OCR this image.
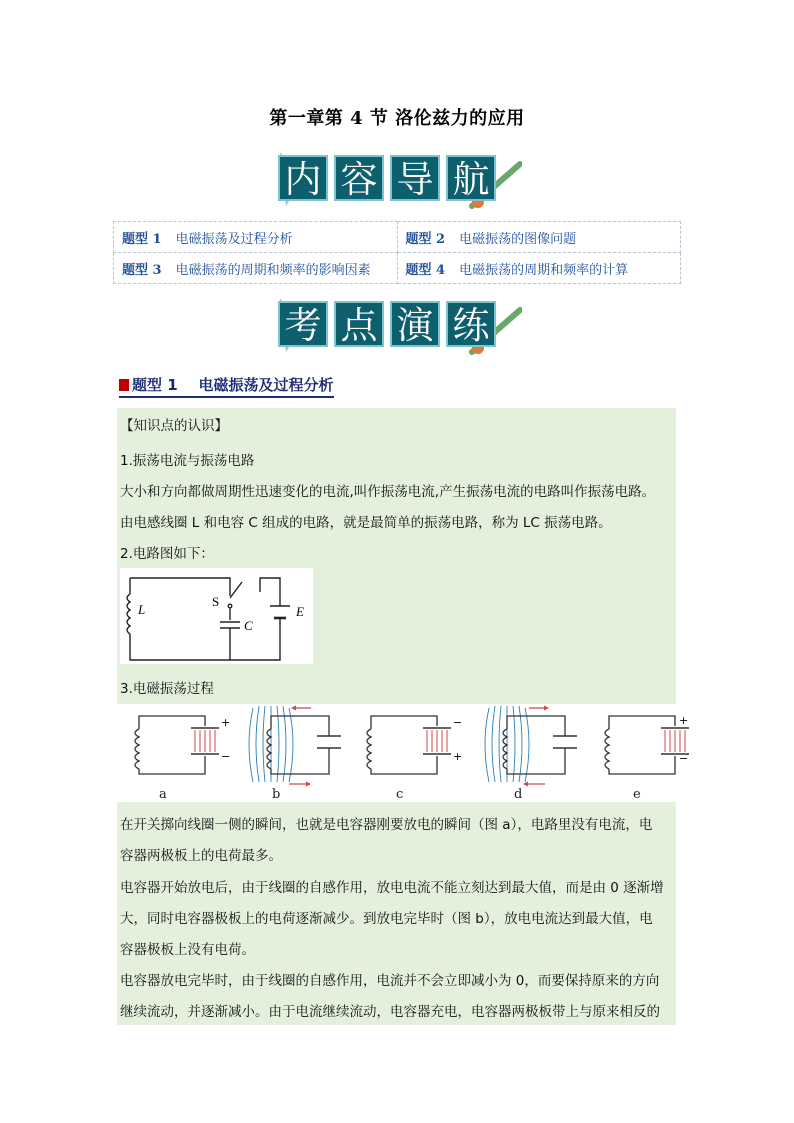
第一章第 4 节 洛伦兹力的应用
内 容 导 航
题型 1 电磁振荡及过程分析	题型 2 电磁振荡的图像问题
题型 3 电磁振荡的周期和频率的影响因素	题型 4 电磁振荡的周期和频率的计算
考 点 演 练
题型 1    电磁振荡及过程分析

【知识点的认识】

1.振荡电流与振荡电路

大小和方向都做周期性迅速变化的电流,叫作振荡电流,产生振荡电流的电路叫作振荡电路。

由电感线圈 L 和电容 C 组成的电路，就是最简单的振荡电路，称为 LC 振荡电路。

2.电路图如下：

L
S
C
E

3.电磁振荡过程

+
−
−
+
+
−
a	b	c	d	e

在开关掷向线圈一侧的瞬间，也就是电容器刚要放电的瞬间（图 a），电路里没有电流，电

容器两极板上的电荷最多。

电容器开始放电后，由于线圈的自感作用，放电电流不能立刻达到最大值，而是由 0 逐渐增

大，同时电容器极板上的电荷逐渐减少。到放电完毕时（图 b），放电电流达到最大值，电

容器极板上没有电荷。

电容器放电完毕时，由于线圈的自感作用，电流并不会立即减小为 0，而要保持原来的方向

继续流动，并逐渐减小。由于电流继续流动，电容器充电，电容器两极板带上与原来相反的
